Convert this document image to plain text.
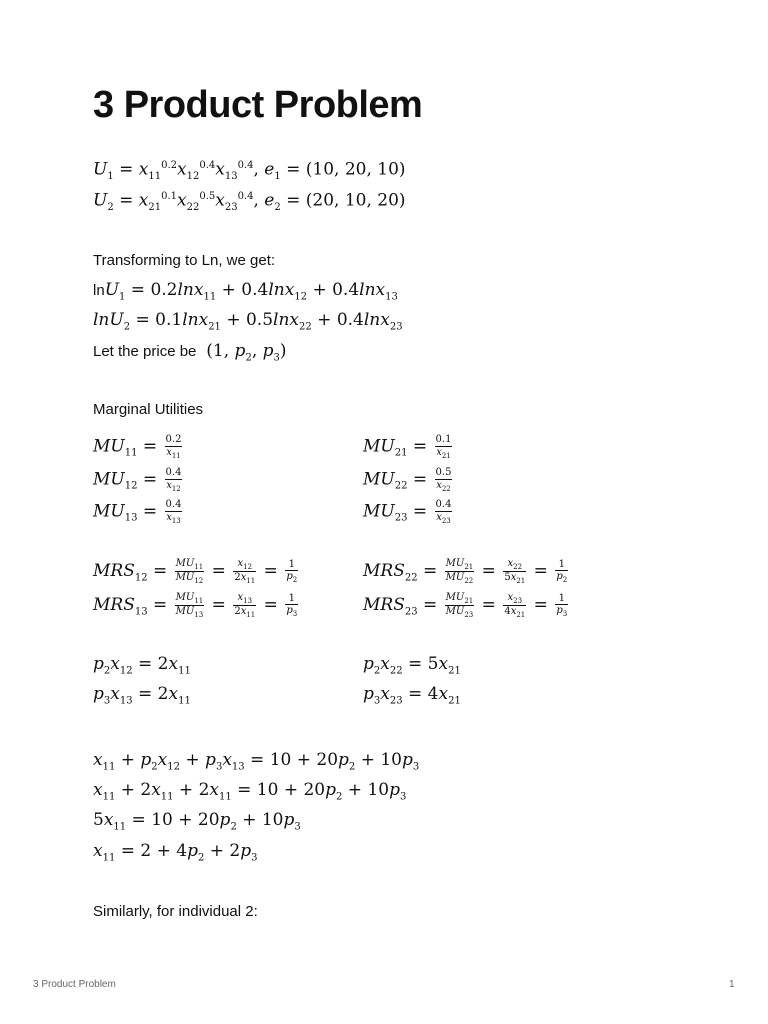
3 Product Problem
$U_1 = x_{11}^{0.2}x_{12}^{0.4}x_{13}^{0.4}$, $e_1 = (10$, 20, 10)
$U_2 = x_{21}^{0.1}x_{22}^{0.5}x_{23}^{0.4}$, $e_2 = (20$, 10, 20)
Transforming to Ln, we get:
lnU$_1$ = 0.2lnx$_{11}$ + 0.4lnx$_{12}$ + 0.4lnx$_{13}$
lnU$_2$ = 0.1lnx$_{21}$ + 0.5lnx$_{22}$ + 0.4lnx$_{23}$
Let the price be  (1, $p_2$, $p_3$)
Marginal Utilities
$MU_{11} = \frac{0.2}{x_{11}}$
$MU_{12} = \frac{0.4}{x_{12}}$
$MU_{13} = \frac{0.4}{x_{13}}$
$MU_{21} = \frac{0.1}{x_{21}}$
$MU_{22} = \frac{0.5}{x_{22}}$
$MU_{23} = \frac{0.4}{x_{23}}$
$MRS_{12} = \frac{MU_{11}}{MU_{12}} = \frac{x_{12}}{2x_{11}} = \frac{1}{p_2}$
$MRS_{13} = \frac{MU_{11}}{MU_{13}} = \frac{x_{13}}{2x_{11}} = \frac{1}{p_3}$
$MRS_{22} = \frac{MU_{21}}{MU_{22}} = \frac{x_{22}}{5x_{21}} = \frac{1}{p_2}$
$MRS_{23} = \frac{MU_{21}}{MU_{23}} = \frac{x_{23}}{4x_{21}} = \frac{1}{p_3}$
$p_2x_{12} = 2x_{11}$
$p_3x_{13} = 2x_{11}$
$p_2x_{22} = 5x_{21}$
$p_3x_{23} = 4x_{21}$
$x_{11} + p_2x_{12} + p_3x_{13} = 10 + 20p_2 + 10p_3$
$x_{11} + 2x_{11} + 2x_{11} = 10 + 20p_2 + 10p_3$
$5x_{11} = 10 + 20p_2 + 10p_3$
$x_{11} = 2 + 4p_2 + 2p_3$
Similarly, for individual 2:
3 Product Problem	1
